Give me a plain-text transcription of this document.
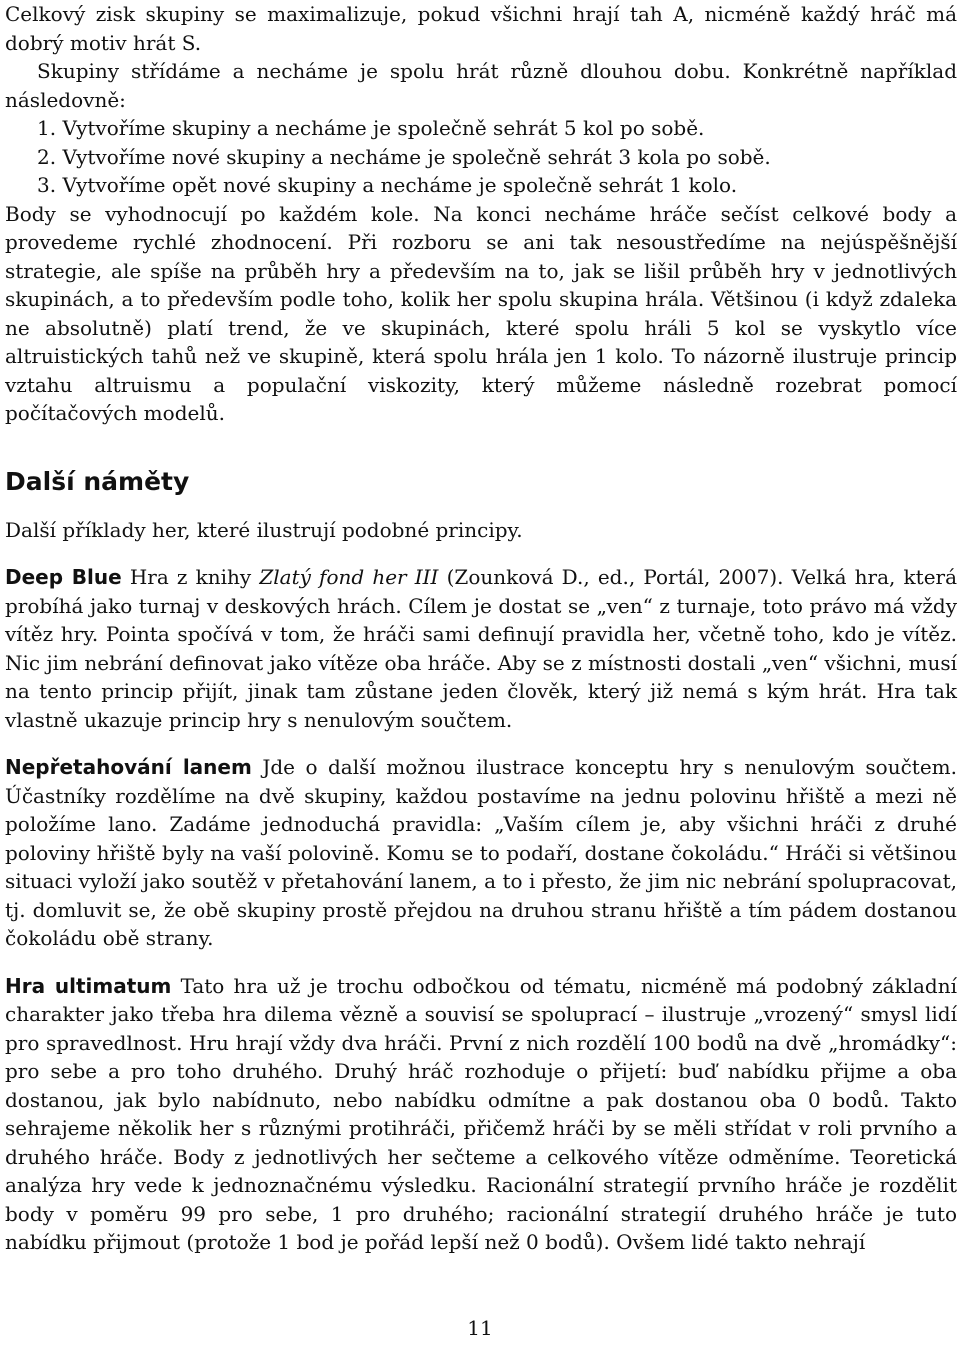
Celkový zisk skupiny se maximalizuje, pokud všichni hrají tah A, nicméně každý hráč má dobrý motiv hrát S.

Skupiny střídáme a necháme je spolu hrát různě dlouhou dobu. Konkrétně například následovně:

1. Vytvoříme skupiny a necháme je společně sehrát 5 kol po sobě.
2. Vytvoříme nové skupiny a necháme je společně sehrát 3 kola po sobě.
3. Vytvoříme opět nové skupiny a necháme je společně sehrát 1 kolo.

Body se vyhodnocují po každém kole. Na konci necháme hráče sečíst celkové body a provedeme rychlé zhodnocení. Při rozboru se ani tak nesoustředíme na nejúspěšnější strategie, ale spíše na průběh hry a především na to, jak se lišil průběh hry v jednotlivých skupinách, a to především podle toho, kolik her spolu skupina hrála. Většinou (i když zdaleka ne absolutně) platí trend, že ve skupinách, které spolu hráli 5 kol se vyskytlo více altruistických tahů než ve skupině, která spolu hrála jen 1 kolo. To názorně ilustruje princip vztahu altruismu a populační viskozity, který můžeme následně rozebrat pomocí počítačových modelů.

Další náměty

Další příklady her, které ilustrují podobné principy.

Deep Blue Hra z knihy Zlatý fond her III (Zounková D., ed., Portál, 2007). Velká hra, která probíhá jako turnaj v deskových hrách. Cílem je dostat se „ven“ z turnaje, toto právo má vždy vítěz hry. Pointa spočívá v tom, že hráči sami definují pravidla her, včetně toho, kdo je vítěz. Nic jim nebrání definovat jako vítěze oba hráče. Aby se z místnosti dostali „ven“ všichni, musí na tento princip přijít, jinak tam zůstane jeden člověk, který již nemá s kým hrát. Hra tak vlastně ukazuje princip hry s nenulovým součtem.

Nepřetahování lanem Jde o další možnou ilustrace konceptu hry s nenulovým součtem. Účastníky rozdělíme na dvě skupiny, každou postavíme na jednu polovinu hřiště a mezi ně položíme lano. Zadáme jednoduchá pravidla: „Vaším cílem je, aby všichni hráči z druhé poloviny hřiště byly na vaší polovině. Komu se to podaří, dostane čokoládu.“ Hráči si většinou situaci vyloží jako soutěž v přetahování lanem, a to i přesto, že jim nic nebrání spolupracovat, tj. domluvit se, že obě skupiny prostě přejdou na druhou stranu hřiště a tím pádem dostanou čokoládu obě strany.

Hra ultimatum Tato hra už je trochu odbočkou od tématu, nicméně má podobný základní charakter jako třeba hra dilema vězně a souvisí se spoluprací – ilustruje „vrozený“ smysl lidí pro spravedlnost. Hru hrají vždy dva hráči. První z nich rozdělí 100 bodů na dvě „hromádky“: pro sebe a pro toho druhého. Druhý hráč rozhoduje o přijetí: buď nabídku přijme a oba dostanou, jak bylo nabídnuto, nebo nabídku odmítne a pak dostanou oba 0 bodů. Takto sehrajeme několik her s různými protihráči, přičemž hráči by se měli střídat v roli prvního a druhého hráče. Body z jednotlivých her sečteme a celkového vítěze odměníme. Teoretická analýza hry vede k jednoznačnému výsledku. Racionální strategií prvního hráče je rozdělit body v poměru 99 pro sebe, 1 pro druhého; racionální strategií druhého hráče je tuto nabídku přijmout (protože 1 bod je pořád lepší než 0 bodů). Ovšem lidé takto nehrají

11
